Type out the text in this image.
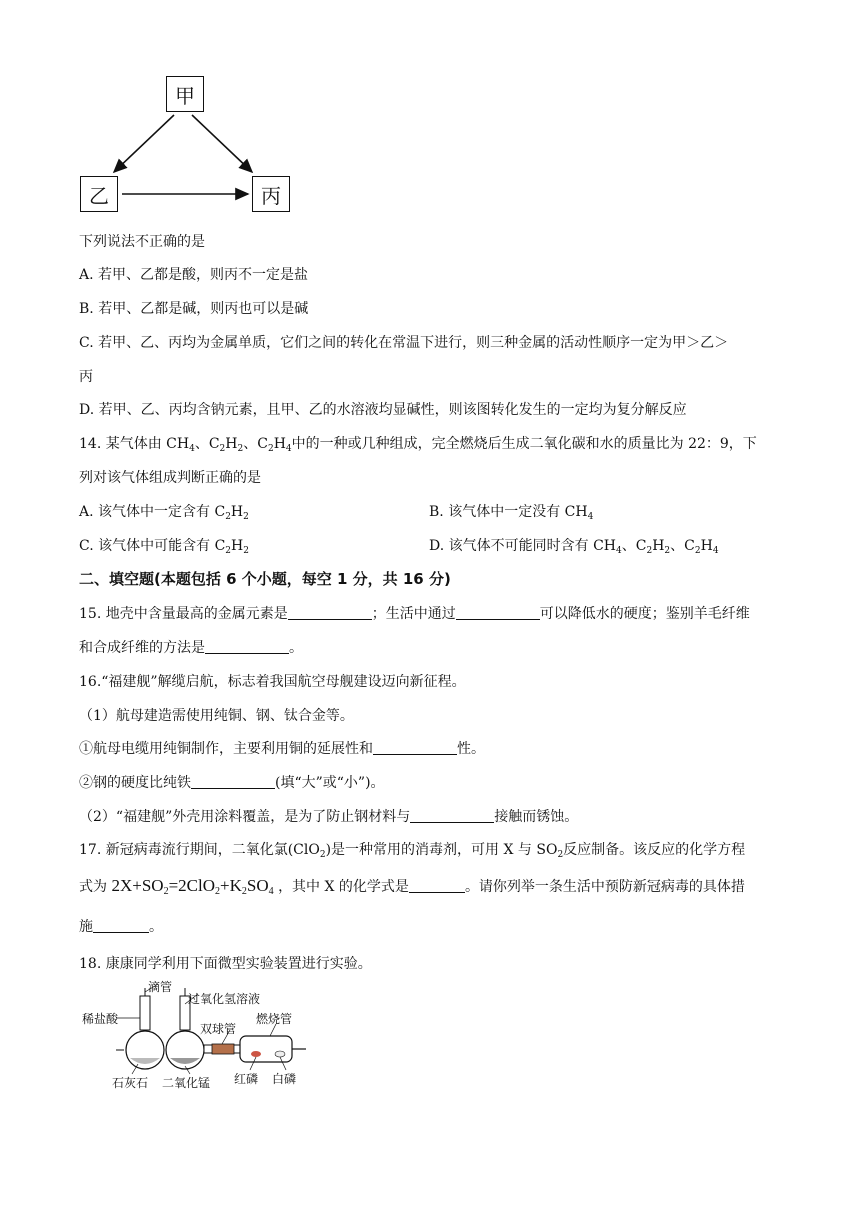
甲
乙	丙
下列说法不正确的是
A. 若甲、乙都是酸，则丙不一定是盐
B. 若甲、乙都是碱，则丙也可以是碱
C. 若甲、乙、丙均为金属单质，它们之间的转化在常温下进行，则三种金属的活动性顺序一定为甲＞乙＞
丙
D. 若甲、乙、丙均含钠元素，且甲、乙的水溶液均显碱性，则该图转化发生的一定均为复分解反应
14. 某气体由 $CH_4$、$C_2H_2$、$C_2H_4$中的一种或几种组成，完全燃烧后生成二氧化碳和水的质量比为 22：9，下
列对该气体组成判断正确的是
A. 该气体中一定含有 $C_2H_2$	B. 该气体中一定没有 $CH_4$
C. 该气体中可能含有 $C_2H_2$	D. 该气体不可能同时含有 $CH_4$、$C_2H_2$、$C_2H_4$
二、填空题(本题包括 6 个小题，每空 1 分，共 16 分)
15. 地壳中含量最高的金属元素是	；生活中通过	可以降低水的硬度；鉴别羊毛纤维
和合成纤维的方法是	。
16.“福建舰”解缆启航，标志着我国航空母舰建设迈向新征程。
（1）航母建造需使用纯铜、钢、钛合金等。
①航母电缆用纯铜制作，主要利用铜的延展性和	性。
②钢的硬度比纯铁	(填“大”或“小”)。
（2）“福建舰”外壳用涂料覆盖，是为了防止钢材料与	接触而锈蚀。
17. 新冠病毒流行期间，二氧化氯(ClO$_2$)是一种常用的消毒剂，可用 X 与 $SO_2$反应制备。该反应的化学方程
式为 $2X+SO_2=2ClO_2+K_2SO_4$ ，其中 X 的化学式是	。请你列举一条生活中预防新冠病毒的具体措
施	。
18. 康康同学利用下面微型实验装置进行实验。
滴管
过氧化氢溶液
稀盐酸
双球管
燃烧管
石灰石 二氧化锰 红磷 白磷
